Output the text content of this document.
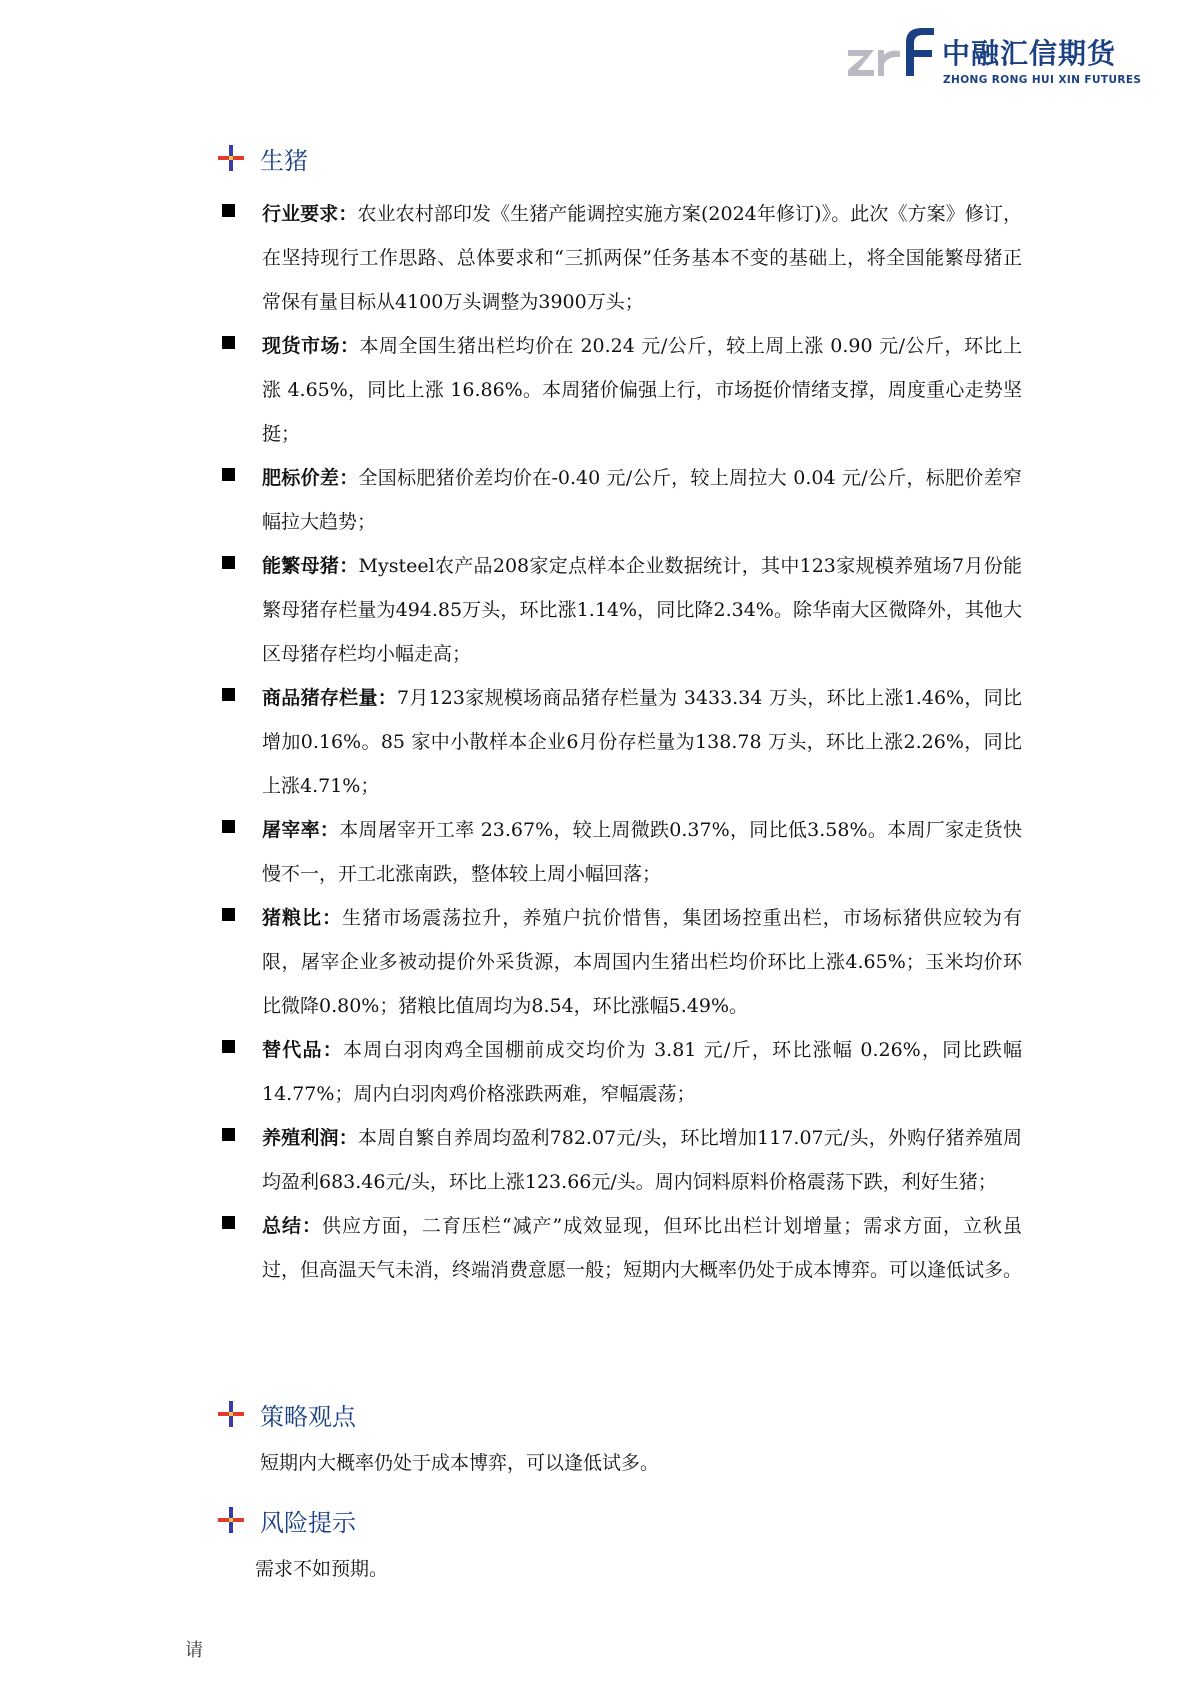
中融汇信期货
ZHONG RONG HUI XIN FUTURES
生猪

行业要求：农业农村部印发《生猪产能调控实施方案(2024年修订)》。此次《方案》修订，在坚持现行工作思路、总体要求和“三抓两保”任务基本不变的基础上，将全国能繁母猪正常保有量目标从4100万头调整为3900万头；

现货市场：本周全国生猪出栏均价在 20.24 元/公斤，较上周上涨 0.90 元/公斤，环比上涨 4.65%，同比上涨 16.86%。本周猪价偏强上行，市场挺价情绪支撑，周度重心走势坚挺；

肥标价差：全国标肥猪价差均价在-0.40 元/公斤，较上周拉大 0.04 元/公斤，标肥价差窄幅拉大趋势；

能繁母猪：Mysteel农产品208家定点样本企业数据统计，其中123家规模养殖场7月份能繁母猪存栏量为494.85万头，环比涨1.14%，同比降2.34%。除华南大区微降外，其他大区母猪存栏均小幅走高；

商品猪存栏量：7月123家规模场商品猪存栏量为 3433.34 万头，环比上涨1.46%，同比增加0.16%。85 家中小散样本企业6月份存栏量为138.78 万头，环比上涨2.26%，同比上涨4.71%；

屠宰率：本周屠宰开工率 23.67%，较上周微跌0.37%，同比低3.58%。本周厂家走货快慢不一，开工北涨南跌，整体较上周小幅回落；

猪粮比：生猪市场震荡拉升，养殖户抗价惜售，集团场控重出栏，市场标猪供应较为有限，屠宰企业多被动提价外采货源，本周国内生猪出栏均价环比上涨4.65%；玉米均价环比微降0.80%；猪粮比值周均为8.54，环比涨幅5.49%。

替代品：本周白羽肉鸡全国棚前成交均价为 3.81 元/斤，环比涨幅 0.26%，同比跌幅14.77%；周内白羽肉鸡价格涨跌两难，窄幅震荡；

养殖利润：本周自繁自养周均盈利782.07元/头，环比增加117.07元/头，外购仔猪养殖周均盈利683.46元/头，环比上涨123.66元/头。周内饲料原料价格震荡下跌，利好生猪；

总结：供应方面，二育压栏“减产”成效显现，但环比出栏计划增量；需求方面，立秋虽过，但高温天气未消，终端消费意愿一般；短期内大概率仍处于成本博弈。可以逢低试多。

策略观点
短期内大概率仍处于成本博弈，可以逢低试多。
风险提示
需求不如预期。
请
